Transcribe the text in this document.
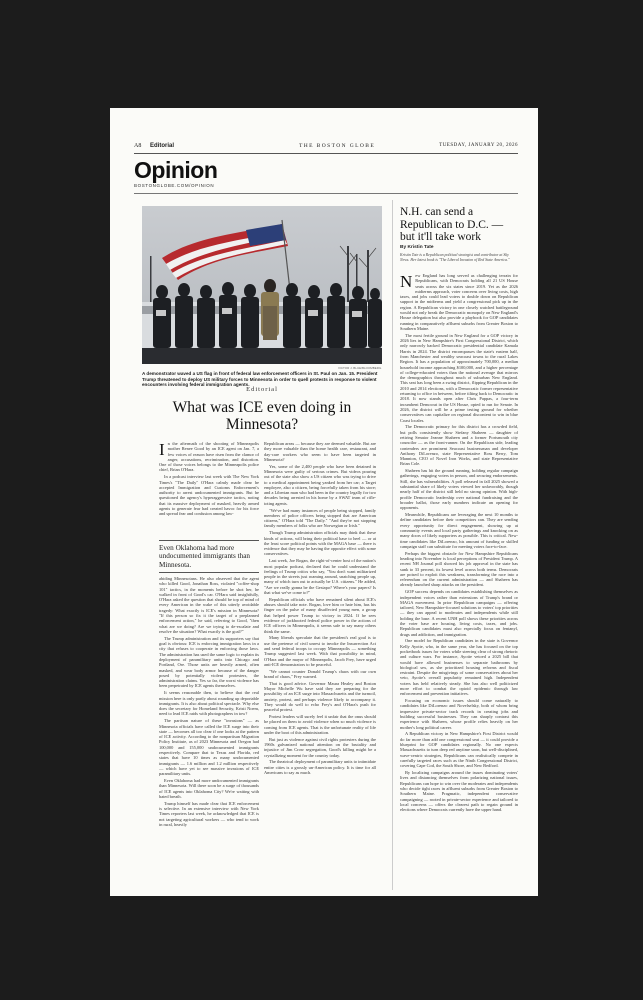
A8 Editorial	THE BOSTON GLOBE	TUESDAY, JANUARY 20, 2026
Opinion
BOSTONGLOBE.COM/OPINION
VICTOR J. BLUE/BLOOMBERG

A demonstrator waved a US flag in front of federal law enforcement officers in St. Paul on Jan. 15. President Trump threatened to deploy US military forces to Minnesota in order to quell protests in response to violent encounters involving federal immigration agents.

Editorial
What was ICE even doing in Minnesota?
I n the aftermath of the shooting of Minneapolis mother Renee Good by an ICE agent on Jan. 7, a few voices of reason have risen from the clamor of anger, accusations, recrimination, and distortion. One of those voices belongs to the Minneapolis police chief, Brian O'Hara.

In a podcast interview last week with The New York Times's "The Daily" O'Hara calmly made clear he accepted Immigration and Customs Enforcement's authority to arrest undocumented immigrants. But he questioned the agency's hyperaggressive tactics, noting that its massive deployment of masked, heavily armed agents to generate fear had created havoc for his force and spread fear and confusion among law-

Even Oklahoma had more undocumented immigrants than Minnesota.

abiding Minnesotans. He also observed that the agent who killed Good, Jonathan Ross, violated "coffee-shop 101" tactics, in the moments before he shot her, he walked in front of Good's car. O'Hara said insightfully, O'Hara asked the question that should be top of mind of every American in the wake of this utterly avoidable tragedy: What exactly is ICE's mission in Minnesota? "If this person so fix it the target of a preplanned enforcement action," he said, referring to Good, "then what are we doing? Are we trying to de-escalate and resolve the situation? What exactly is the goal?"

The Trump administration and its supporters say that goal is obvious: ICE is enforcing immigration laws in a city that refuses to cooperate in enforcing those laws. The administration has used the same logic to explain its deployment of paramilitary units into Chicago and Portland, Ore. Those units are heavily armed, often masked, and wear body armor because of the danger posed by potentially violent protesters, the administration claims. Yes so far, the worst violence has been perpetrated by ICE agents themselves.

It seems reasonable then, to believe that the real mission here is only partly about rounding up deportable immigrants. It is also about political spectacle. Why else does the secretary for Homeland Security, Kristi Noem, need to lead ICE raids with photographers in tow?

The partisan nature of these "invasions" — as Minnesota officials have called the ICE surge into their state — becomes all too clear if one looks at the pattern of ICE activity. According to the nonpartisan Migration Policy Institute, as of 2023 Minnesota and Oregon had 100,000 and 155,000 undocumented immigrants respectively. Compare that to Texas and Florida, red states that have 10 times as many undocumented immigrants — 1.6 million and 1.2 million respectively — which have yet to see massive invasions of ICE paramilitary units.

Even Oklahoma had more undocumented immigrants than Minnesota. Will there soon be a surge of thousands of ICE agents into Oklahoma City? We're waiting with bated breath.

Trump himself has made clear that ICE enforcement is selective. In an extensive interview with New York Times reporters last week, he acknowledged that ICE is not targeting agricultural workers — who tend to work in rural, heavily

Republican areas — because they are deemed valuable. But are they more valuable than the home health care, restaurant, and day-care workers who seem to have been targeted in Minnesota?

Yes, some of the 2,400 people who have been detained in Minnesota were guilty of serious crimes. But videos pouring out of the state also show a US citizen who was trying to drive to a medical appointment being yanked from her car; a Target employee, also a citizen, being forcefully taken from his store; and a Liberian man who had been in the country legally for two decades being arrested in his home by a SWAT team of rifle-toting agents.

"We've had many instances of people being stopped, family members of police officers being stopped that are American citizens," O'Hara told "The Daily." "And they're not stopping family members of folks who are Norwegian or Irish."

Though Trump administration officials may think that these kinds of actions, will bring their political base to heel — or at the least score political points with the MAGA base — there is evidence that they may be having the opposite effect with some conservatives.

Last week, Joe Rogan, the right-of-center host of the nation's most popular podcast, declared that he could understand the feelings of Trump critics who say, "You don't want militarized people in the streets just roaming around, snatching people up, many of which turn out to actually be U.S. citizens." He added, "Are we really gonna be the Gestapo? Where's your papers? Is that what we've come to?"

Republican officials who have remained silent about ICE's abuses should take note. Rogan, love him or hate him, has his finger on the pulse of many disaffected young men, a group that helped power Trump to victory in 2024. If he sees evidence of jackbooted federal police power in the actions of ICE officers in Minneapolis, it seems safe to say many others think the same.

Many liberals speculate that the president's real goal is to use the pretense of civil unrest to invoke the Insurrection Act and send federal troops to occupy Minneapolis — something Trump suggested last week. With that possibility in mind, O'Hara and the mayor of Minneapolis, Jacob Frey, have urged anti-ICE demonstrators to be peaceful.

"We cannot counter Donald Trump's chaos with our own brand of chaos," Frey warned.

That is good advice. Governor Maura Healey and Boston Mayor Michelle Wu have said they are preparing for the possibility of an ICE surge into Massachusetts and the turmoil, anxiety, protest, and perhaps violence likely to accompany it. They would do well to echo Frey's and O'Hara's push for peaceful protest.

Protest leaders will surely feel it unfair that the onus should be placed on them to avoid violence when so much violence is coming from ICE agents. That is the unfortunate reality of life under the boot of this administration.

But just as violence against civil rights protesters during the 1960s galvanized national attention on the brutality and injustice of Jim Crow segregation, Good's killing might be a crystallizing moment for the country today.

The theatrical deployment of paramilitary units to intimidate entire cities is a grossly un-American policy. It is time for all Americans to say as much.

N.H. can send a Republican to D.C. — but it'll take work
By Kristin Tate

Kristin Tate is a Republican political strategist and contributor at Sky News. Her latest book is "The Liberal Invasion of Red State America."

N ew England has long served as challenging terrain for Republicans, with Democrats holding all 21 US House seats across the six states since 2019. Yet as the 2026 midterms approach, voter concerns over living costs, high taxes, and jobs could lead voters to double down on Republican support in the midterms and yield a congressional pick up in the region. A Republican victory in one closely watched battleground would not only break the Democratic monopoly on New England's House delegation but also provide a playbook for GOP candidates running in comparatively affluent suburbs from Greater Boston to Southern Maine.

The most fertile ground in New England for a GOP victory in 2026 lies in New Hampshire's First Congressional District, which only narrowly backed Democratic presidential candidate Kamala Harris in 2024. The district encompasses the state's eastern half, from Manchester and wealthy seacoast towns to the rural Lakes Region. It has a population of approximately 700,000, a median household income approaching $100,000, and a higher percentage of college-educated voters than the national average that mirrors the demographics throughout much of suburban New England. This seat has long been a swing district, flipping Republican in the 2010 and 2014 elections, with a Democratic former representative returning to office in between, before tilting back to Democratic in 2018. It now stands open after Chris Pappas, a four-term incumbent Democrat in the US House, opted to run for Senate. In 2026, the district will be a prime testing ground for whether conservatives can capitalize on regional discontent to win in blue Coast locales.

The Democratic primary for this district has a crowded field, but polls consistently show Stefany Shaheen — daughter of retiring Senator Jeanne Shaheen and a former Portsmouth city councilor — as the front-runner. On the Republican side, leading contenders are prominent Seacoast businessman and developer Anthony DiLorenzo, state Representative Ross Berry, Tom Mannion, CEO of Novel Iron Works, and state Representative Brian Cole.

Shaheen has hit the ground running, holding regular campaign gatherings, engaging voters in person, and securing endorsements. Still, she has vulnerabilities. A poll released in fall 2025 showed a substantial share of likely voters viewed her unfavorably, though nearly half of the district still held no strong opinion. With high-profile Democratic leadership over national fundraising and the broader ballot, those early numbers indicate an opening for opponents.

Meanwhile, Republicans are leveraging the next 10 months to define candidates before their competitors can. They are sending every opportunity for direct engagement, showing up at community events and local party gatherings and knocking on as many doors of likely supporters as possible. This is critical. New-time candidates like DiLorenzo, his amount of funding or skilled campaign staff can substitute for meeting voters face-to-face.

Perhaps the biggest obstacle for New Hampshire Republicans heading into November is local perceptions of President Trump. A recent NH Journal poll showed his job approval in the state has sunk to 33 percent, its lowest level across both terms. Democrats are poised to exploit this weakness, transforming the race into a referendum on the current administration — and Shaheen has already launched sharp attacks on the president.

GOP success depends on candidates establishing themselves as independent voices rather than extensions of Trump's brand or MAGA movement. In prior Republican campaigns — offering tailored, New Hampshire-focused solutions to voters' top priorities — they can appeal to moderates and independents while still holding the base. A recent UNH poll shows these priorities across the voter base are housing, living costs, taxes, and jobs. Republican candidates must also especially focus on fentanyl, drugs and addiction, and immigration.

One model for Republican candidates in the state is Governor Kelly Ayotte, who, in the same year, she has focused on the top pocketbook issues for voters while steering clear of strong rhetoric and culture wars. For instance, Ayotte vetoed a 2025 bill that would have allowed businesses to separate bathrooms by biological sex, as she prioritized housing reforms and fiscal restraint. Despite the misgivings of some conservatives about her veto, Ayotte's overall popularity remained high. Independent voters has held relatively steady. She has also well politicized more effort to combat the opioid epidemic through law enforcement and prevention initiatives.

Focusing on economic issues should come naturally to candidates like DiLorenzo and Novelselsky, both of whom bring impressive private-sector track records in creating jobs and building successful businesses. They can sharply contrast this experience with Shaheen, whose profile relies heavily on her mother's long political career.

A Republican victory in New Hampshire's First District would do far more than add one congressional seat — it could provide a blueprint for GOP candidates regionally. No one expects Massachusetts to turn deep red anytime soon, but well-disciplined, wave-centric strategies, Republicans can realistically compete in carefully targeted races such as the Ninth Congressional District, covering Cape Cod, the South Shore, and New Bedford.

By localizing campaigns around the issues dominating voters' lives and distancing themselves from polarizing national issues, Republicans can hope to win over the moderates and independents who decide tight races in affluent suburbs from Greater Boston to Southern Maine. Pragmatic, independent conservative campaigning — rooted in private-sector experience and tailored to local concerns — offers the clearest path to regain ground in elections where Democrats currently have the upper hand.
